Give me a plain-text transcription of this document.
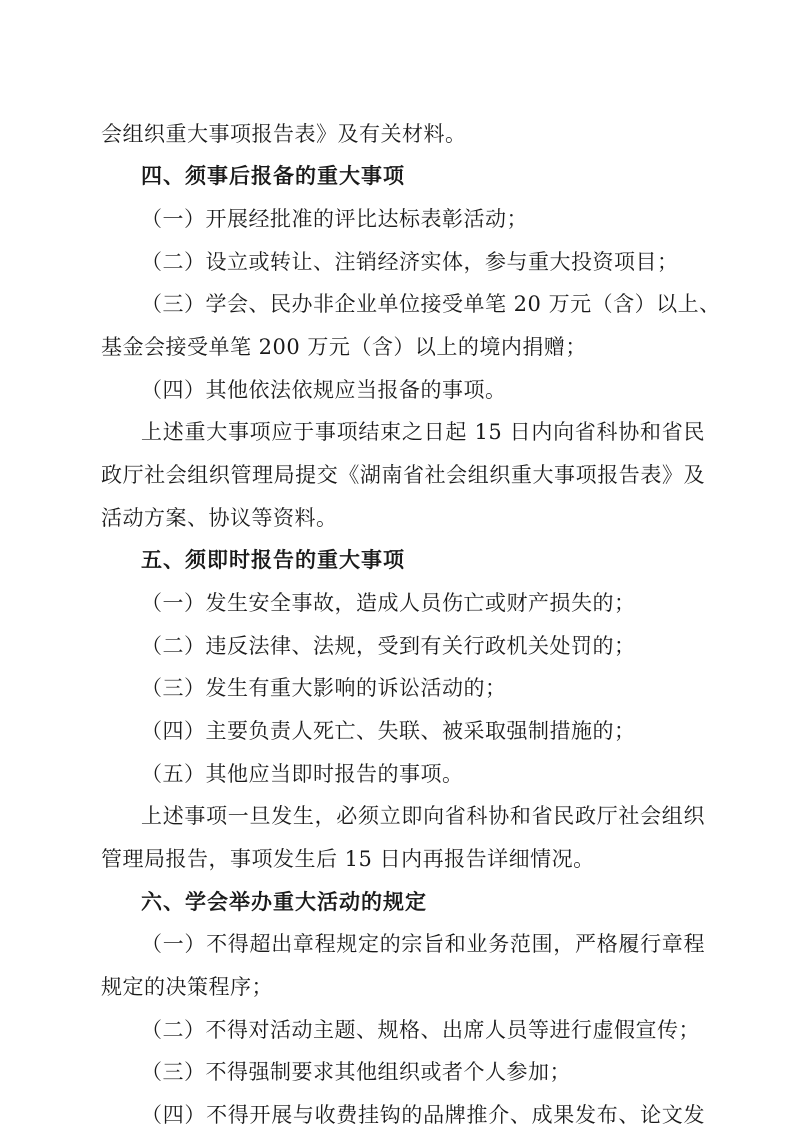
会组织重大事项报告表》及有关材料。
四、须事后报备的重大事项
（一）开展经批准的评比达标表彰活动；
（二）设立或转让、注销经济实体，参与重大投资项目；
（三）学会、民办非企业单位接受单笔 20 万元（含）以上、
基金会接受单笔 200 万元（含）以上的境内捐赠；
（四）其他依法依规应当报备的事项。
上述重大事项应于事项结束之日起 15 日内向省科协和省民
政厅社会组织管理局提交《湖南省社会组织重大事项报告表》及
活动方案、协议等资料。
五、须即时报告的重大事项
（一）发生安全事故，造成人员伤亡或财产损失的；
（二）违反法律、法规，受到有关行政机关处罚的；
（三）发生有重大影响的诉讼活动的；
（四）主要负责人死亡、失联、被采取强制措施的；
（五）其他应当即时报告的事项。
上述事项一旦发生，必须立即向省科协和省民政厅社会组织
管理局报告，事项发生后 15 日内再报告详细情况。
六、学会举办重大活动的规定
（一）不得超出章程规定的宗旨和业务范围，严格履行章程
规定的决策程序；
（二）不得对活动主题、规格、出席人员等进行虚假宣传；
（三）不得强制要求其他组织或者个人参加；
（四）不得开展与收费挂钩的品牌推介、成果发布、论文发
